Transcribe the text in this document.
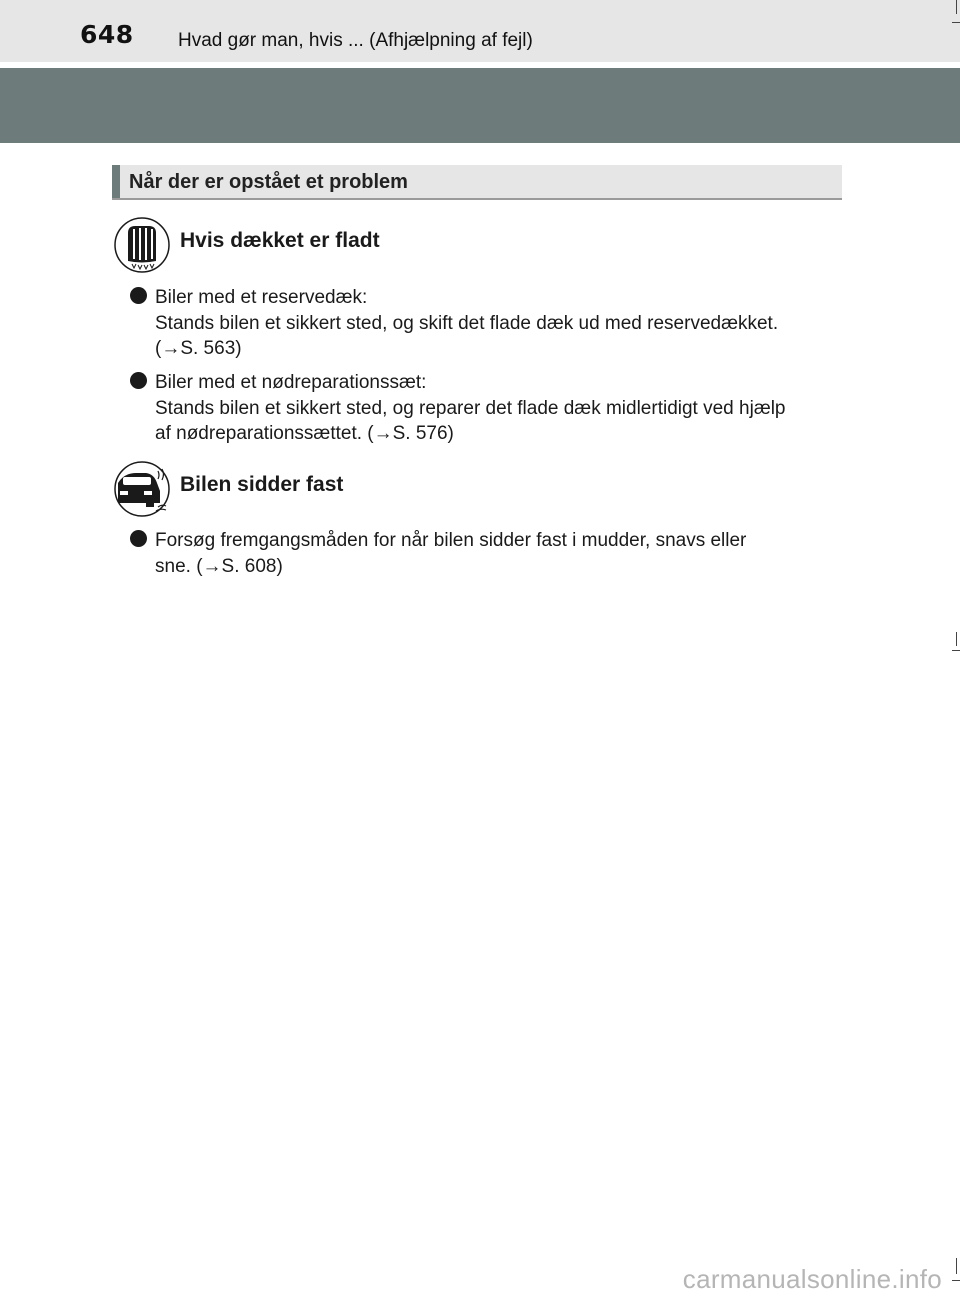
648 Hvad gør man, hvis ... (Afhjælpning af fejl)
Når der er opstået et problem
Hvis dækket er fladt
Biler med et reservedæk:
Stands bilen et sikkert sted, og skift det flade dæk ud med reservedækket.
(→S. 563)
Biler med et nødreparationssæt:
Stands bilen et sikkert sted, og reparer det flade dæk midlertidigt ved hjælp
af nødreparationssættet. (→S. 576)
Bilen sidder fast
Forsøg fremgangsmåden for når bilen sidder fast i mudder, snavs eller
sne. (→S. 608)
carmanualsonline.info
